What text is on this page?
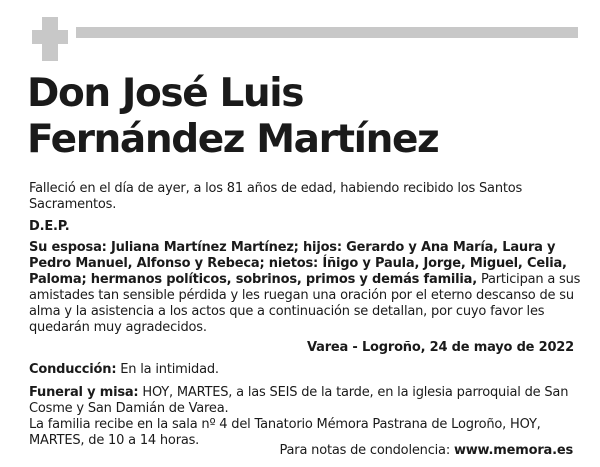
Don José Luis
Fernández Martínez
Falleció en el día de ayer, a los 81 años de edad, habiendo recibido los Santos Sacramentos.
D.E.P.
Su esposa: Juliana Martínez Martínez; hijos: Gerardo y Ana María, Laura y Pedro Manuel, Alfonso y Rebeca; nietos: Íñigo y Paula, Jorge, Miguel, Celia, Paloma; hermanos políticos, sobrinos, primos y demás familia, Participan a sus amistades tan sensible pérdida y les ruegan una oración por el eterno descanso de su alma y la asistencia a los actos que a continuación se detallan, por cuyo favor les quedarán muy agradecidos.
Varea - Logroño, 24 de mayo de 2022
Conducción: En la intimidad.
Funeral y misa: HOY, MARTES, a las SEIS de la tarde, en la iglesia parroquial de San Cosme y San Damián de Varea.
La familia recibe en la sala nº 4 del Tanatorio Mémora Pastrana de Logroño, HOY, MARTES, de 10 a 14 horas.
Para notas de condolencia: www.memora.es
